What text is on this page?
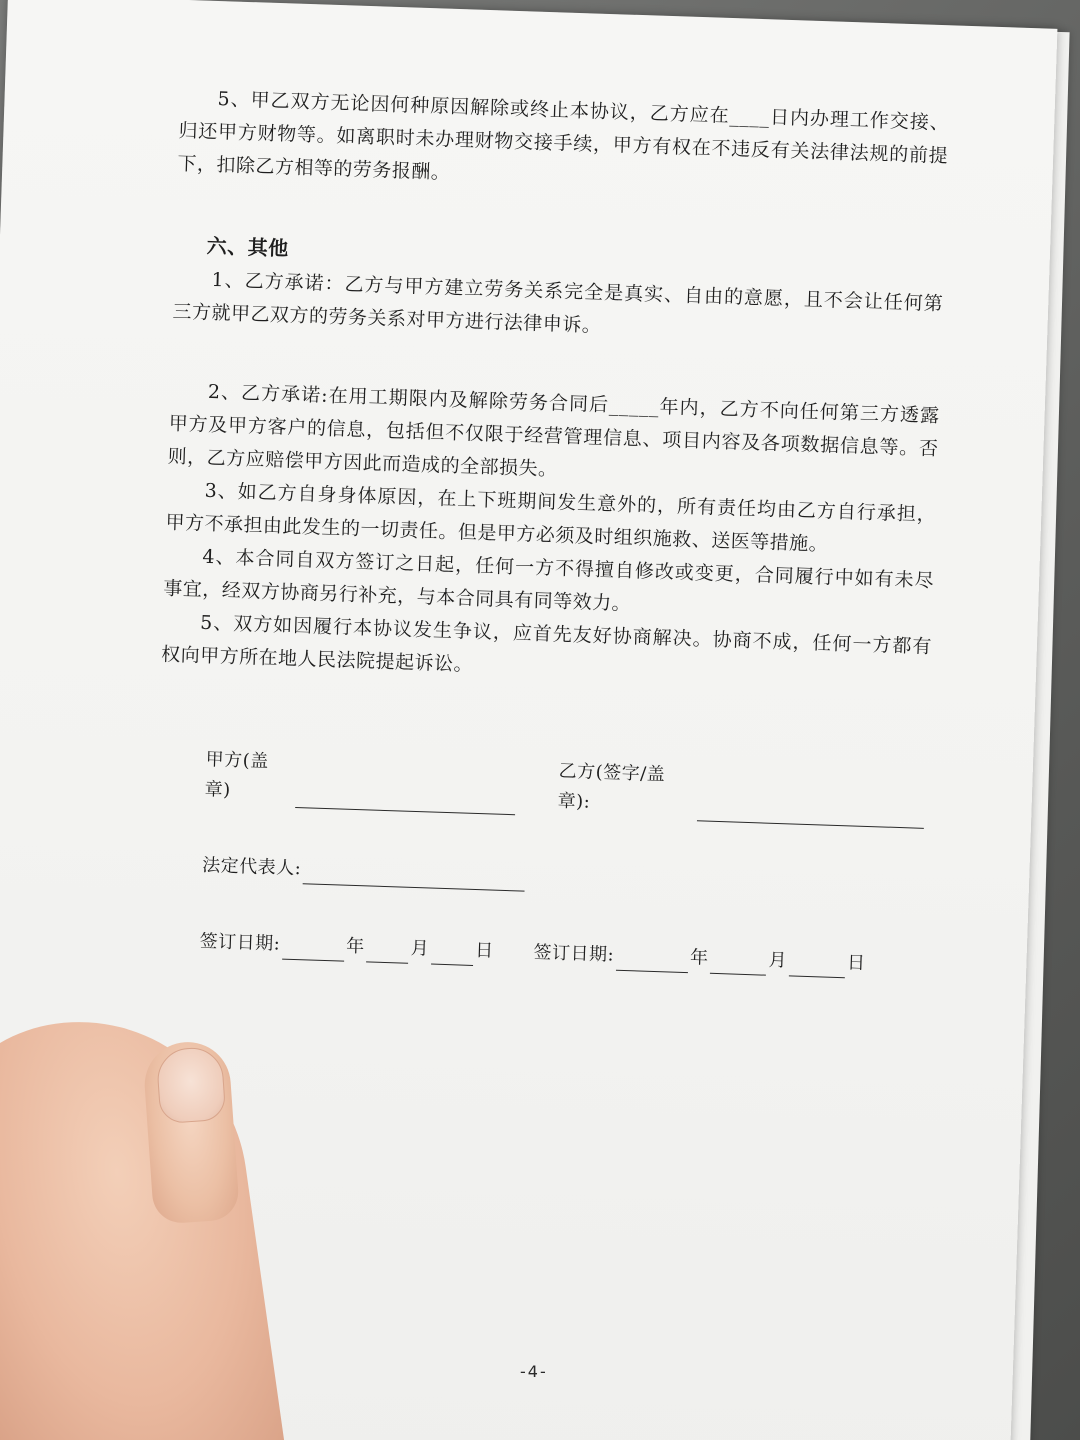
5、甲乙双方无论因何种原因解除或终止本协议，乙方应在____日内办理工作交接、归还甲方财物等。如离职时未办理财物交接手续，甲方有权在不违反有关法律法规的前提下，扣除乙方相等的劳务报酬。

六、其他

1、乙方承诺：乙方与甲方建立劳务关系完全是真实、自由的意愿，且不会让任何第三方就甲乙双方的劳务关系对甲方进行法律申诉。

2、乙方承诺:在用工期限内及解除劳务合同后_____年内，乙方不向任何第三方透露甲方及甲方客户的信息，包括但不仅限于经营管理信息、项目内容及各项数据信息等。否则，乙方应赔偿甲方因此而造成的全部损失。

3、如乙方自身身体原因，在上下班期间发生意外的，所有责任均由乙方自行承担，甲方不承担由此发生的一切责任。但是甲方必须及时组织施救、送医等措施。

4、本合同自双方签订之日起，任何一方不得擅自修改或变更，合同履行中如有未尽事宜，经双方协商另行补充，与本合同具有同等效力。

5、双方如因履行本协议发生争议，应首先友好协商解决。协商不成，任何一方都有权向甲方所在地人民法院提起诉讼。

甲方(盖章)
乙方(签字/盖章):
法定代表人:
签订日期:	年	月	日 签订日期:	年	月	日
-4-
